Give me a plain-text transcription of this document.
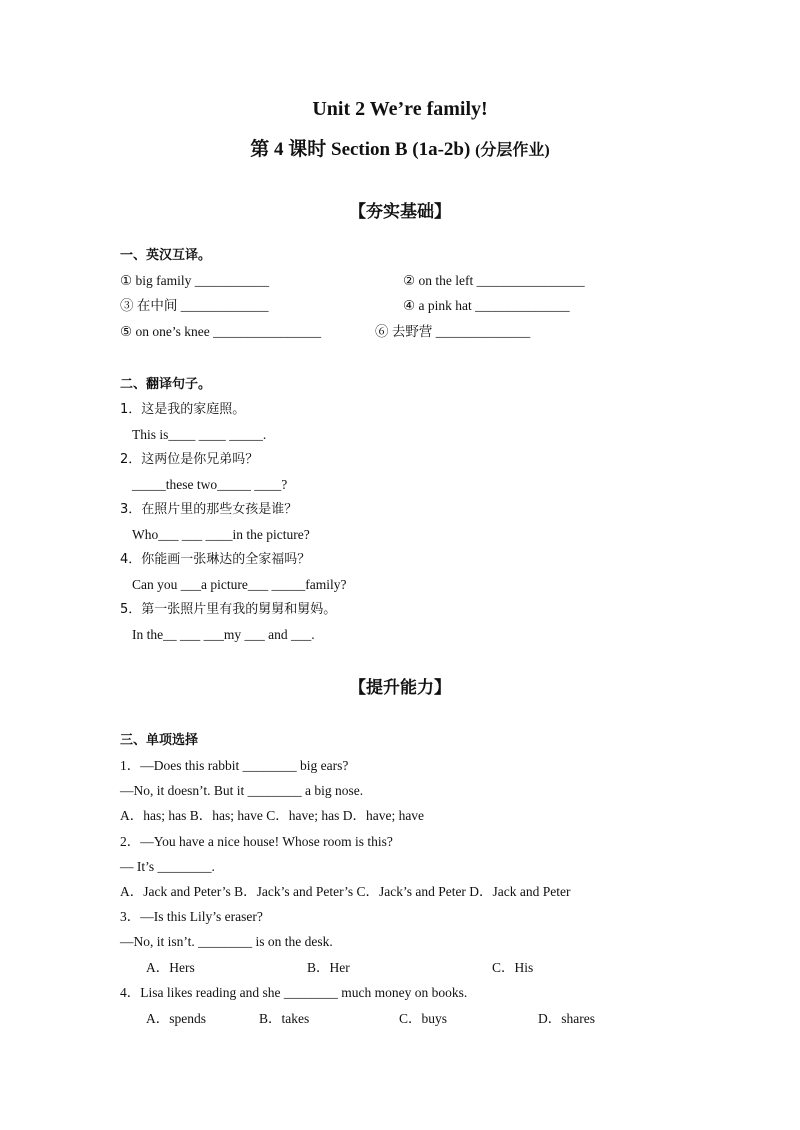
Unit 2 We’re family!
第 4 课时 Section B (1a-2b) (分层作业)
【夯实基础】
一、英汉互译。
① big family ___________	② on the left ________________
③ 在中间 _____________	④ a pink hat ______________
⑤ on one’s knee ________________	⑥ 去野营 ______________
二、翻译句子。
1．这是我的家庭照。
This is____ ____ _____.
2．这两位是你兄弟吗？
_____these two_____ ____?
3．在照片里的那些女孩是谁？
Who___ ___ ____in the picture?
4．你能画一张琳达的全家福吗？
Can you ___a picture___ _____family?
5．第一张照片里有我的舅舅和舅妈。
In the__ ___ ___my ___ and ___.
【提升能力】
三、单项选择
1．—Does this rabbit ________ big ears?
—No, it doesn’t. But it ________ a big nose.
A．has; has B．has; have C．have; has D．have; have
2．—You have a nice house! Whose room is this?
— It’s ________.
A．Jack and Peter’s B．Jack’s and Peter’s C．Jack’s and Peter D．Jack and Peter
3．—Is this Lily’s eraser?
—No, it isn’t. ________ is on the desk.
A．Hers	B．Her	C．His
4．Lisa likes reading and she ________ much money on books.
A．spends	B．takes	C．buys	D．shares
